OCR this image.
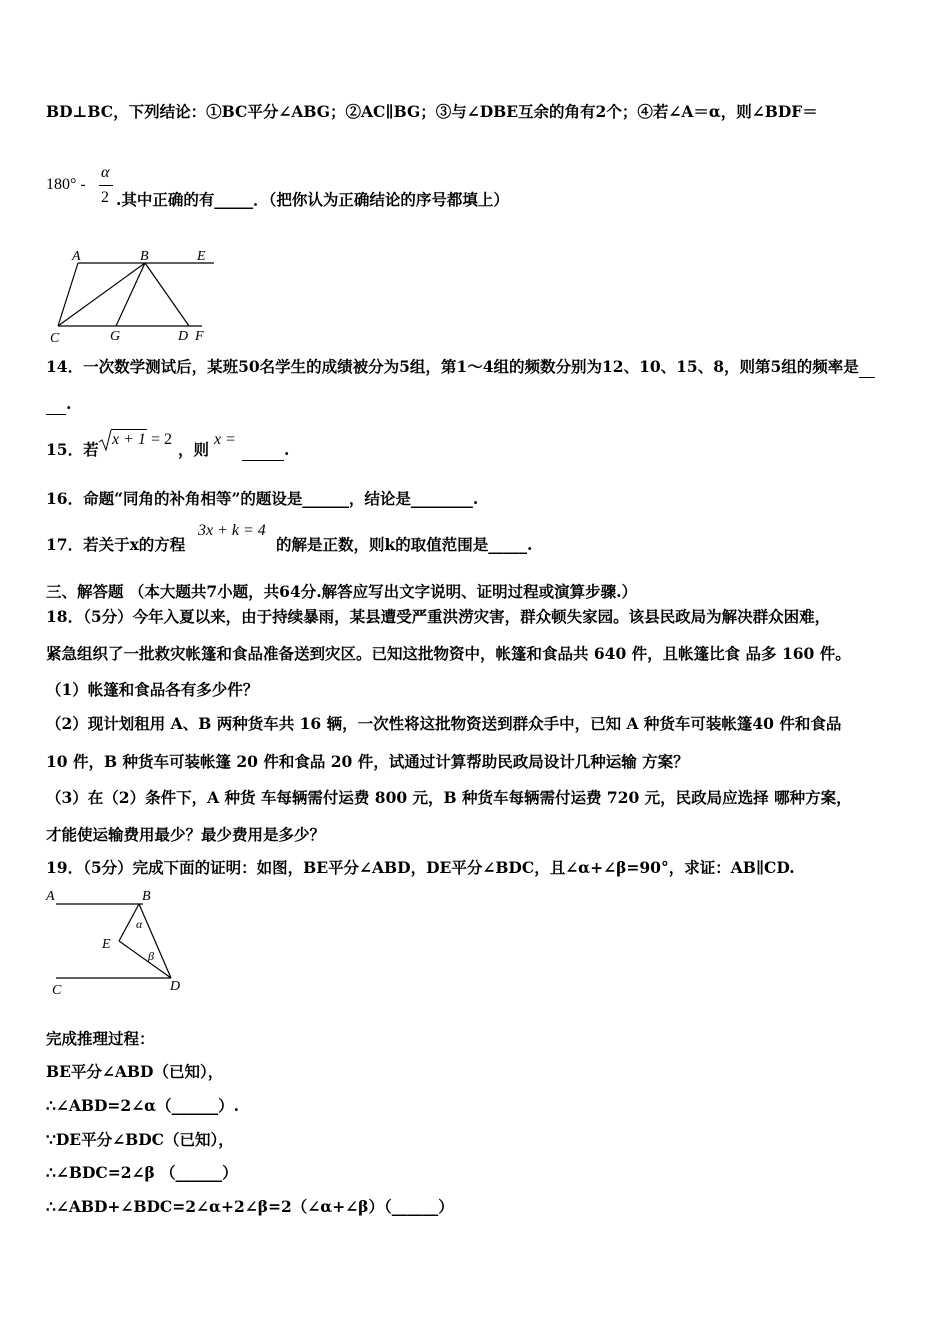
BD⊥BC，下列结论：①BC平分∠ABG；②AC∥BG；③与∠DBE互余的角有2个；④若∠A＝α，则∠BDF＝
180° -
α
2 .其中正确的有_____．（把你认为正确结论的序号都填上）
A	B	E
C	G	D F
14．一次数学测试后，某班50名学生的成绩被分为5组，第1～4组的频数分别为12、10、15、8，则第5组的频率是
.
15．若
x + 1 = 2
，则
x =
.
16．命题“同角的补角相等”的题设是______，结论是________.
17．若关于x的方程
3x + k = 4
的解是正数，则k的取值范围是_____.
三、解答题 （本大题共7小题，共64分.解答应写出文字说明、证明过程或演算步骤.）
18．（5分）今年入夏以来，由于持续暴雨，某县遭受严重洪涝灾害，群众顿失家园。该县民政局为解决群众困难，
紧急组织了一批救灾帐篷和食品准备送到灾区。已知这批物资中，帐篷和食品共 640 件，且帐篷比食 品多 160 件。
（1）帐篷和食品各有多少件？
（2）现计划租用 A、B 两种货车共 16 辆，一次性将这批物资送到群众手中，已知 A 种货车可装帐篷40 件和食品
10 件，B 种货车可装帐篷 20 件和食品 20 件，试通过计算帮助民政局设计几种运输 方案？
（3）在（2）条件下，A 种货 车每辆需付运费 800 元，B 种货车每辆需付运费 720 元，民政局应选择 哪种方案，
才能使运输费用最少？最少费用是多少？
19．（5分）完成下面的证明：如图，BE平分∠ABD，DE平分∠BDC，且∠α+∠β=90°，求证：AB∥CD.
A	B
E
C	D
α
β
完成推理过程：
BE平分∠ABD（已知），
∴∠ABD=2∠α（______）.
∵DE平分∠BDC（已知），
∴∠BDC=2∠β （______）
∴∠ABD+∠BDC=2∠α+2∠β=2（∠α+∠β）（______）
